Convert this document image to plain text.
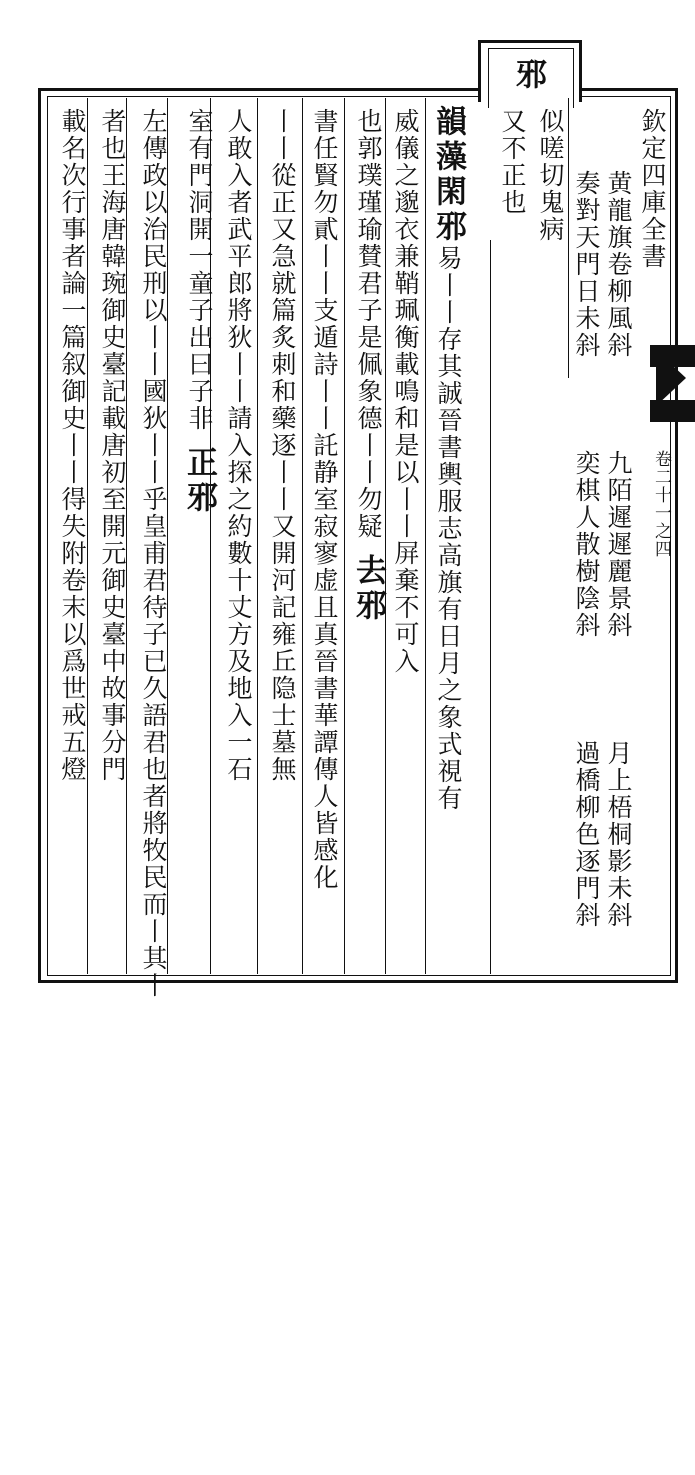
欽定四庫全書
卷二十一之四
邪
似嗟切鬼病
又不正也
黄龍旗卷柳風斜
奏對天門日未斜
九陌遲遲麗景斜
奕棋人散樹陰斜
月上梧桐影未斜
過橋柳色逐門斜
韻藻閑邪易丨丨存其誠晉書輿服志高旗有日月之象式視有
威儀之邈衣兼鞘珮衡載鳴和是以丨丨屏棄不可入
也郭璞瑾瑜賛君子是佩象德丨丨勿疑去邪
書任賢勿貳丨丨支遁詩丨丨託静室寂寥虚且真晉書華譚傳人皆感化
丨丨從正又急就篇炙刺和藥逐丨丨又開河記雍丘隐士墓無
人敢入者武平郎將狄丨丨請入探之約數十丈方及地入一石
室有門洞開一童子出曰子非正邪
左傳政以治民刑以丨丨國狄丨丨乎皇甫君待子已久語君也者將牧民而丨其丨
者也王海唐韓琬御史臺記載唐初至開元御史臺中故事分門
載名次行事者論一篇叙御史丨丨得失附卷末以爲世戒五燈
